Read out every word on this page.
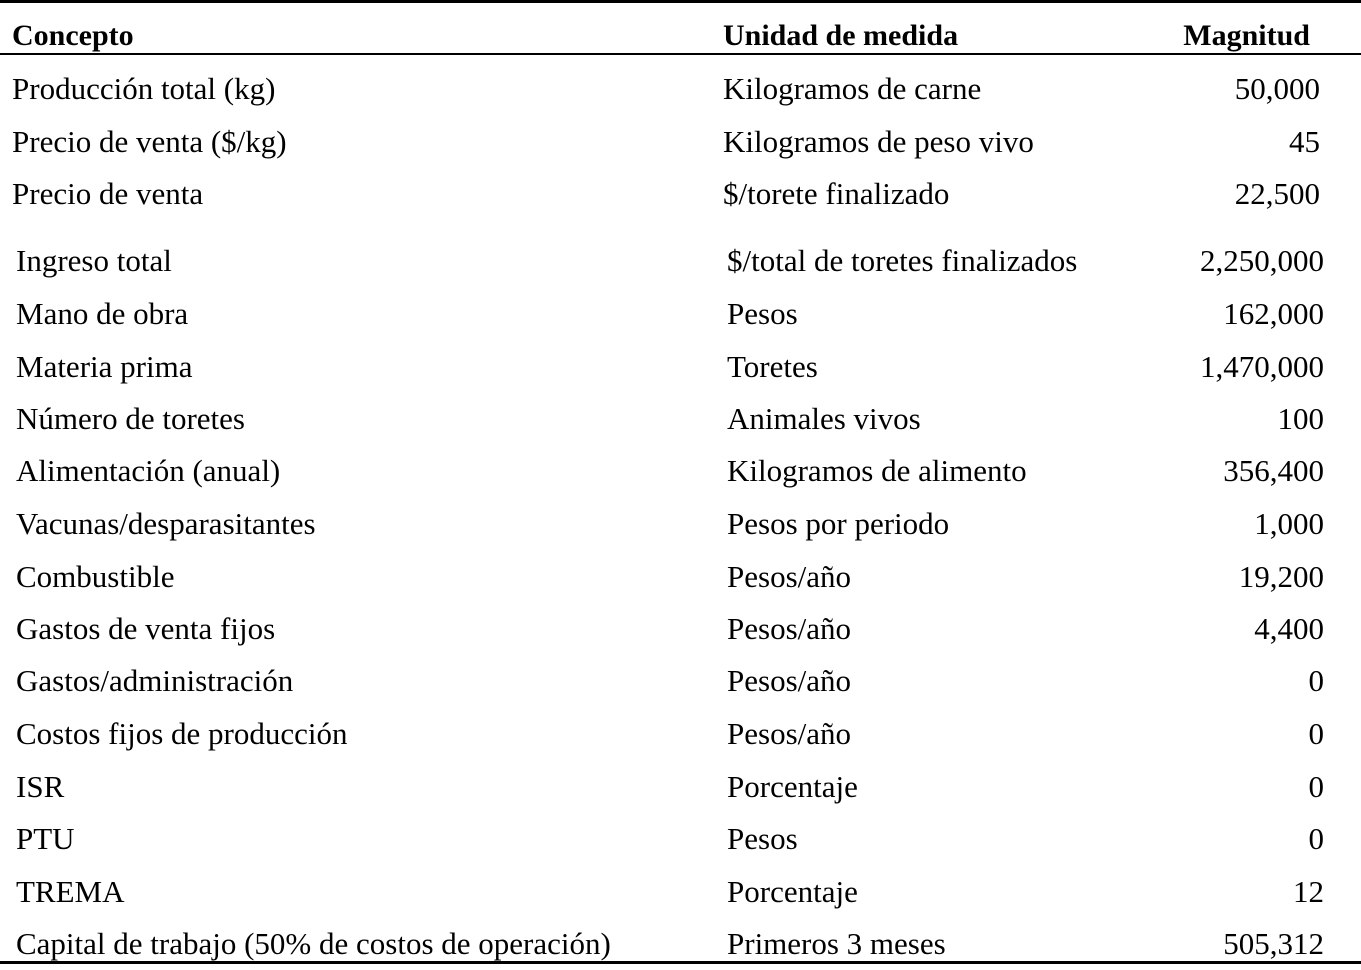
Concepto	Unidad de medida	Magnitud
Producción total (kg)	Kilogramos de carne	50,000
Precio de venta ($/kg)	Kilogramos de peso vivo	45
Precio de venta	$/torete finalizado	22,500
Ingreso total	$/total de toretes finalizados	2,250,000
Mano de obra	Pesos	162,000
Materia prima	Toretes	1,470,000
Número de toretes	Animales vivos	100
Alimentación (anual)	Kilogramos de alimento	356,400
Vacunas/desparasitantes	Pesos por periodo	1,000
Combustible	Pesos/año	19,200
Gastos de venta fijos	Pesos/año	4,400
Gastos/administración	Pesos/año	0
Costos fijos de producción	Pesos/año	0
ISR	Porcentaje	0
PTU	Pesos	0
TREMA	Porcentaje	12
Capital de trabajo (50% de costos de operación)	Primeros 3 meses	505,312
